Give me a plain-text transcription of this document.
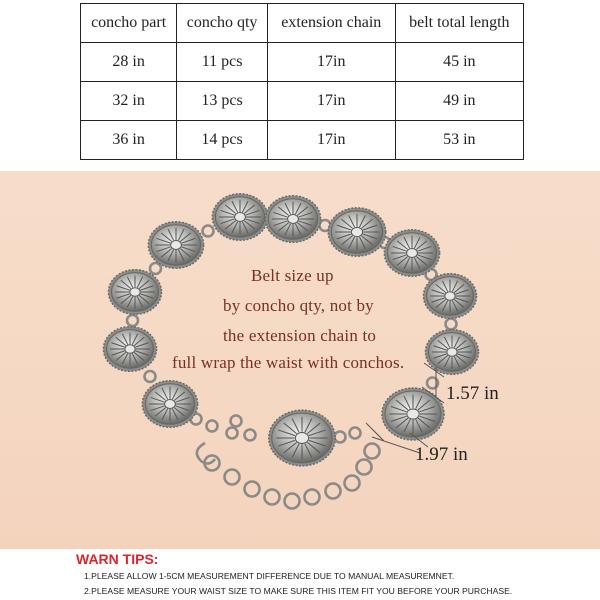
concho part	concho qty	extension chain	belt total length
28 in	11 pcs	17in	45 in
32 in	13 pcs	17in	49 in
36 in	14 pcs	17in	53 in
Belt size up
by concho qty, not by
the extension chain to
full wrap the waist with conchos.
1.57 in
1.97 in
WARN TIPS:
1.PLEASE ALLOW 1-5CM MEASUREMENT DIFFERENCE DUE TO MANUAL MEASUREMNET.
2.PLEASE MEASURE YOUR WAIST SIZE TO MAKE SURE THIS ITEM FIT YOU BEFORE YOUR PURCHASE.
